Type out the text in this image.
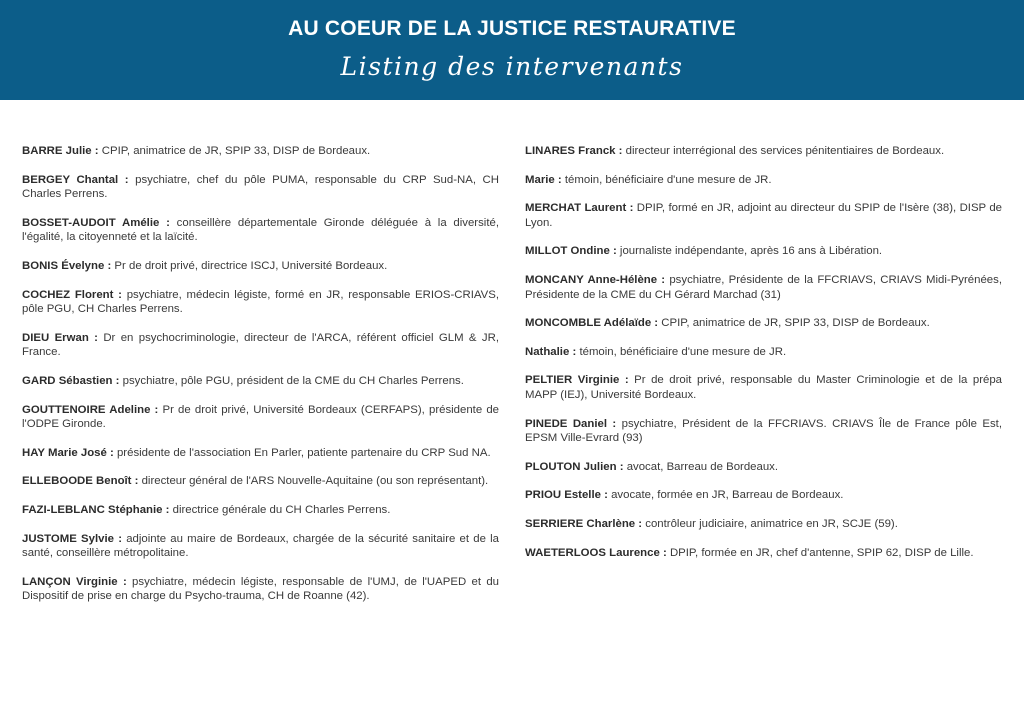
AU COEUR DE LA JUSTICE RESTAURATIVE
Listing des intervenants

BARRE Julie : CPIP, animatrice de JR, SPIP 33, DISP de Bordeaux.

BERGEY Chantal : psychiatre, chef du pôle PUMA, responsable du CRP Sud-NA, CH Charles Perrens.

BOSSET-AUDOIT Amélie : conseillère départementale Gironde déléguée à la diversité, l'égalité, la citoyenneté et la laïcité.

BONIS Évelyne : Pr de droit privé, directrice ISCJ, Université Bordeaux.

COCHEZ Florent : psychiatre, médecin légiste, formé en JR, responsable ERIOS-CRIAVS, pôle PGU, CH Charles Perrens.

DIEU Erwan : Dr en psychocriminologie, directeur de l'ARCA, référent officiel GLM & JR, France.

GARD Sébastien : psychiatre, pôle PGU, président de la CME du CH Charles Perrens.

GOUTTENOIRE Adeline : Pr de droit privé, Université Bordeaux (CERFAPS), présidente de l'ODPE Gironde.

HAY Marie José : présidente de l'association En Parler, patiente partenaire du CRP Sud NA.

ELLEBOODE Benoît : directeur général de l'ARS Nouvelle-Aquitaine (ou son représentant).

FAZI-LEBLANC Stéphanie : directrice générale du CH Charles Perrens.

JUSTOME Sylvie : adjointe au maire de Bordeaux, chargée de la sécurité sanitaire et de la santé, conseillère métropolitaine.

LANÇON Virginie : psychiatre, médecin légiste, responsable de l'UMJ, de l'UAPED et du Dispositif de prise en charge du Psycho-trauma, CH de Roanne (42).

LINARES Franck : directeur interrégional des services pénitentiaires de Bordeaux.

Marie : témoin, bénéficiaire d'une mesure de JR.

MERCHAT Laurent : DPIP, formé en JR, adjoint au directeur du SPIP de l'Isère (38), DISP de Lyon.

MILLOT Ondine : journaliste indépendante, après 16 ans à Libération.

MONCANY Anne-Hélène : psychiatre, Présidente de la FFCRIAVS, CRIAVS Midi-Pyrénées, Présidente de la CME du CH Gérard Marchad (31)

MONCOMBLE Adélaïde : CPIP, animatrice de JR, SPIP 33, DISP de Bordeaux.

Nathalie : témoin, bénéficiaire d'une mesure de JR.

PELTIER Virginie : Pr de droit privé, responsable du Master Criminologie et de la prépa MAPP (IEJ), Université Bordeaux.

PINEDE Daniel : psychiatre, Président de la FFCRIAVS. CRIAVS Île de France pôle Est, EPSM Ville-Evrard (93)

PLOUTON Julien : avocat, Barreau de Bordeaux.

PRIOU Estelle : avocate, formée en JR, Barreau de Bordeaux.

SERRIERE Charlène : contrôleur judiciaire, animatrice en JR, SCJE (59).

WAETERLOOS Laurence : DPIP, formée en JR, chef d'antenne, SPIP 62, DISP de Lille.
